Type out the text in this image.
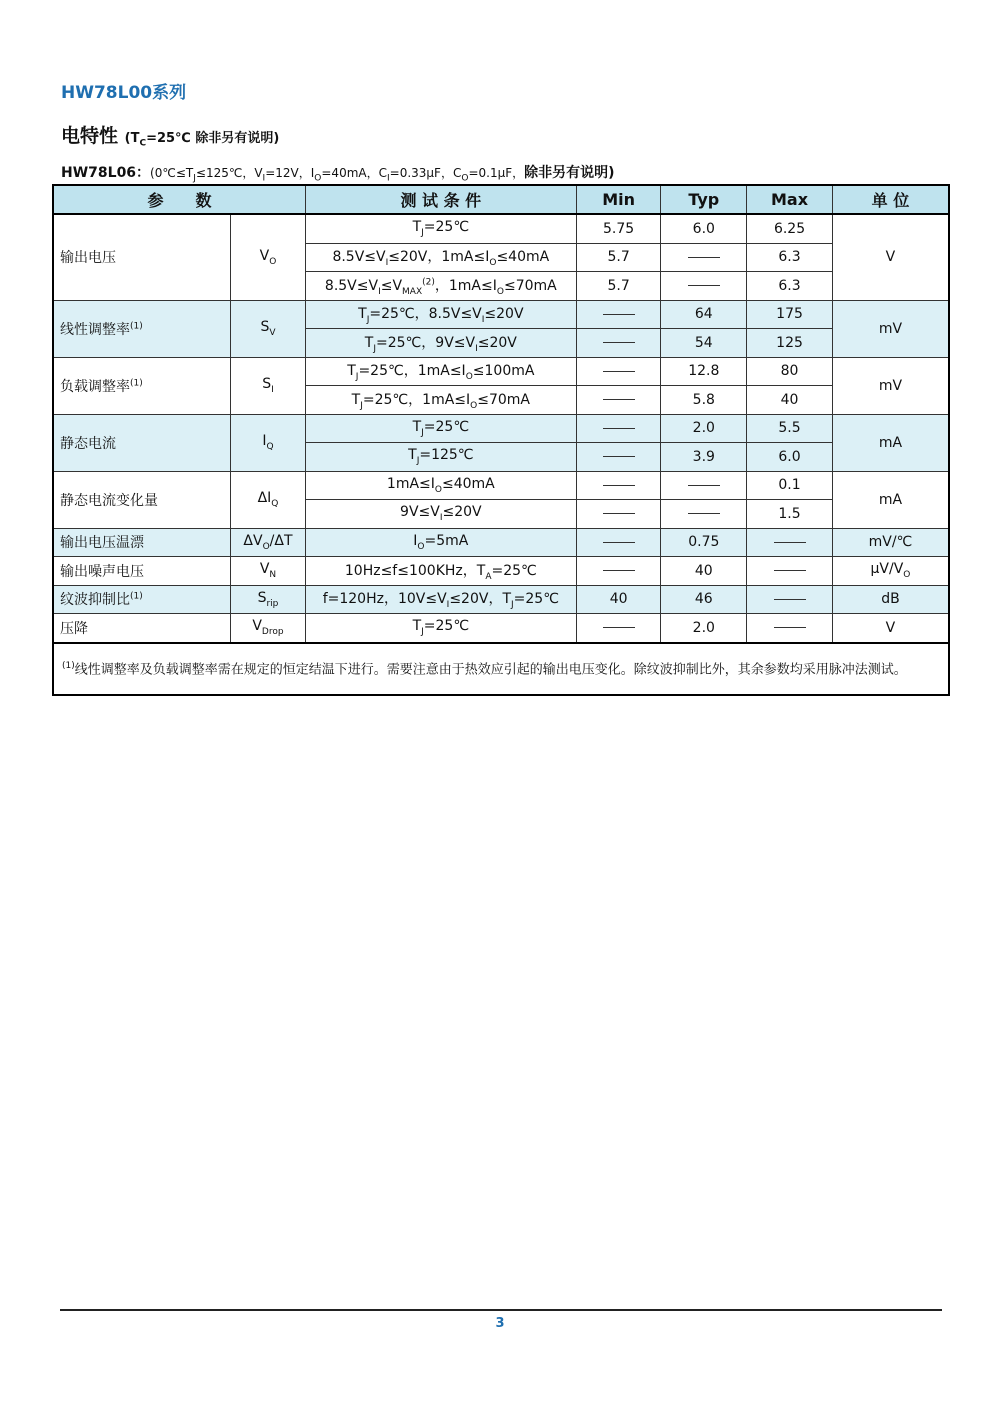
HW78L00系列
电特性 ($T_C=25℃$ 除非另有说明)
HW78L06：($0℃\le T_J\le 125℃$，$V_I=12V$，$I_O=40mA$，$C_I=0.33\mu F$，$C_O=0.1\mu F$，除非另有说明)
参　　数		测 试 条 件	Min	Typ	Max	单 位
输出电压	$V_O$	$T_J=25℃$	5.75	6.0	6.25	V
		$8.5V\le V_I\le 20V$，$1mA\le I_O\le 40mA$	5.7		6.3	
		$8.5V\le V_I\le V_{MAX}^{(2)}$，$1mA\le I_O\le 70mA$	5.7		6.3	
线性调整率$^{(1)}$	$S_V$	$T_J=25℃$，$8.5V\le V_I\le 20V$		64	175	mV
		$T_J=25℃$，$9V\le V_I\le 20V$		54	125	
负载调整率$^{(1)}$	$S_I$	$T_J=25℃$，$1mA\le I_O\le 100mA$		12.8	80	mV
		$T_J=25℃$，$1mA\le I_O\le 70mA$		5.8	40	
静态电流	$I_Q$	$T_J=25℃$		2.0	5.5	mA
		$T_J=125℃$		3.9	6.0	
静态电流变化量	$\Delta I_Q$	$1mA\le I_O\le 40mA$			0.1	mA
		$9V\le V_I\le 20V$			1.5	
输出电压温漂	$\Delta V_O/\Delta T$	$I_O=5mA$		0.75		mV/℃
输出噪声电压	$V_N$	10Hz≤f≤100KHz，$T_A=25℃$		40		$\mu V/V_O$
纹波抑制比$^{(1)}$	$S_{rip}$	f=120Hz，$10V\le V_I\le 20V$，$T_J=25℃$	40	46		dB
压降	$V_{Drop}$	$T_J=25℃$		2.0		V
$^{(1)}$线性调整率及负载调整率需在规定的恒定结温下进行。需要注意由于热效应引起的输出电压变化。除纹波抑制比外，其余参数均采用脉冲法测试。						
3
